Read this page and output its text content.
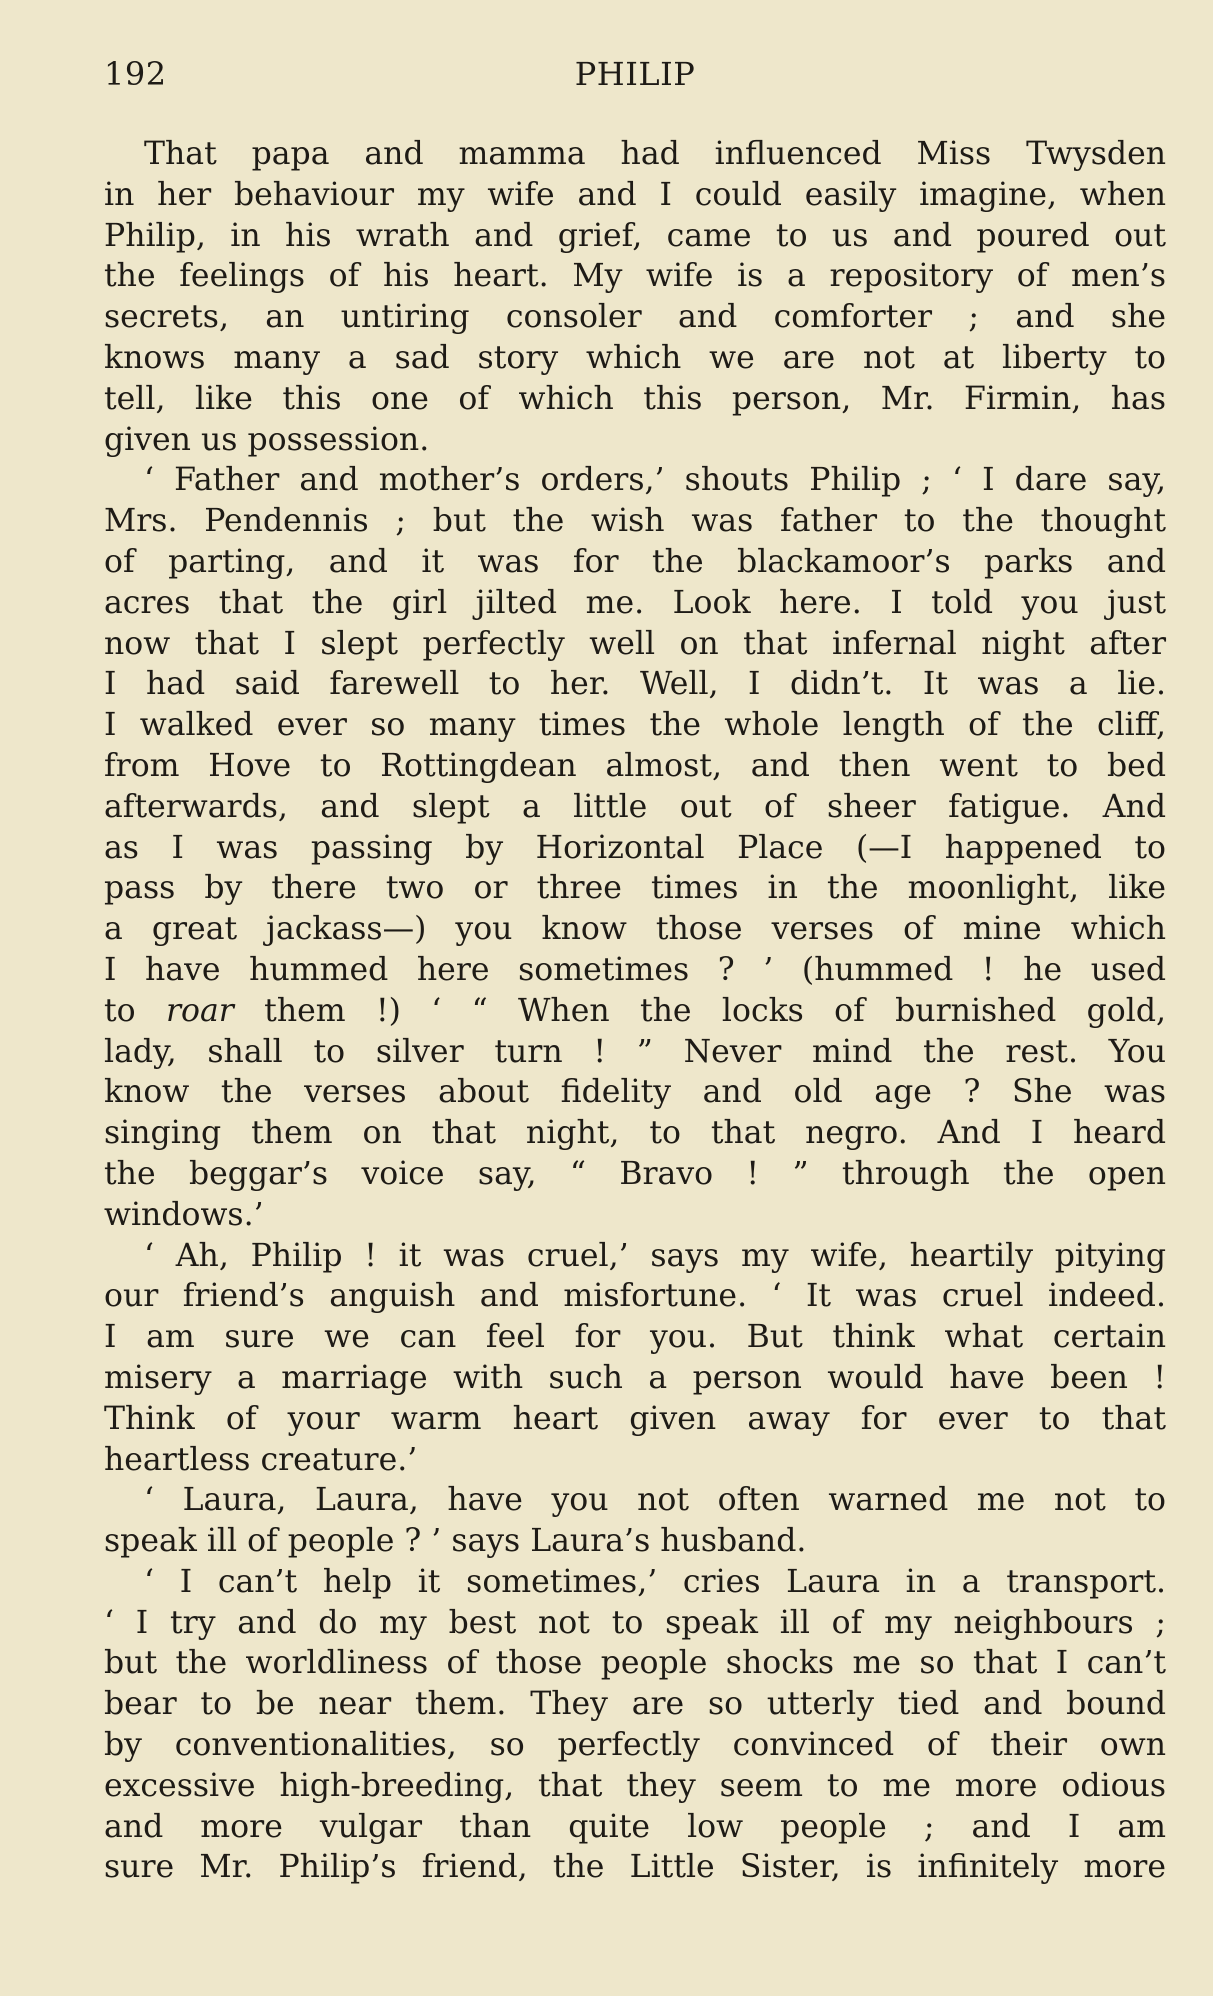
192	PHILIP
That papa and mamma had influenced Miss Twysden
in her behaviour my wife and I could easily imagine, when
Philip, in his wrath and grief, came to us and poured out
the feelings of his heart. My wife is a repository of men’s
secrets, an untiring consoler and comforter ; and she
knows many a sad story which we are not at liberty to
tell, like this one of which this person, Mr. Firmin, has
given us possession.
‘ Father and mother’s orders,’ shouts Philip ; ‘ I dare say,
Mrs. Pendennis ; but the wish was father to the thought
of parting, and it was for the blackamoor’s parks and
acres that the girl jilted me. Look here. I told you just
now that I slept perfectly well on that infernal night after
I had said farewell to her. Well, I didn’t. It was a lie.
I walked ever so many times the whole length of the cliff,
from Hove to Rottingdean almost, and then went to bed
afterwards, and slept a little out of sheer fatigue. And
as I was passing by Horizontal Place (—I happened to
pass by there two or three times in the moonlight, like
a great jackass—) you know those verses of mine which
I have hummed here sometimes ? ’ (hummed ! he used
to roar them !) ‘ “ When the locks of burnished gold,
lady, shall to silver turn ! ” Never mind the rest. You
know the verses about fidelity and old age ? She was
singing them on that night, to that negro. And I heard
the beggar’s voice say, “ Bravo ! ” through the open
windows.’
‘ Ah, Philip ! it was cruel,’ says my wife, heartily pitying
our friend’s anguish and misfortune. ‘ It was cruel indeed.
I am sure we can feel for you. But think what certain
misery a marriage with such a person would have been !
Think of your warm heart given away for ever to that
heartless creature.’
‘ Laura, Laura, have you not often warned me not to
speak ill of people ? ’ says Laura’s husband.
‘ I can’t help it sometimes,’ cries Laura in a transport.
‘ I try and do my best not to speak ill of my neighbours ;
but the worldliness of those people shocks me so that I can’t
bear to be near them. They are so utterly tied and bound
by conventionalities, so perfectly convinced of their own
excessive high-breeding, that they seem to me more odious
and more vulgar than quite low people ; and I am
sure Mr. Philip’s friend, the Little Sister, is infinitely more
